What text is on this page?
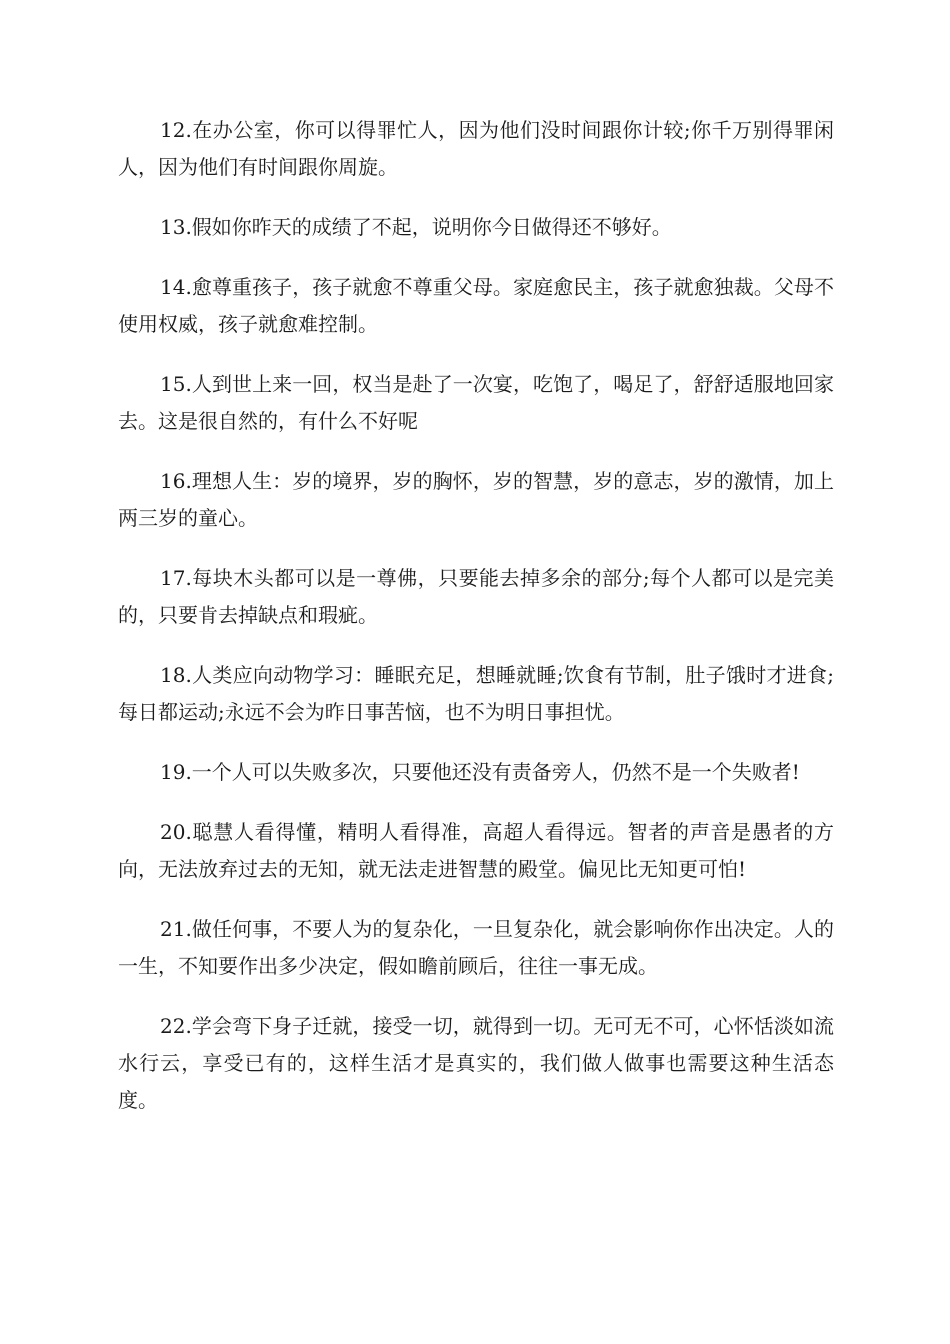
12.在办公室，你可以得罪忙人，因为他们没时间跟你计较;你千万别得罪闲人，因为他们有时间跟你周旋。

13.假如你昨天的成绩了不起，说明你今日做得还不够好。

14.愈尊重孩子，孩子就愈不尊重父母。家庭愈民主，孩子就愈独裁。父母不使用权威，孩子就愈难控制。

15.人到世上来一回，权当是赴了一次宴，吃饱了，喝足了，舒舒适服地回家去。这是很自然的，有什么不好呢

16.理想人生：岁的境界，岁的胸怀，岁的智慧，岁的意志，岁的激情，加上两三岁的童心。

17.每块木头都可以是一尊佛，只要能去掉多余的部分;每个人都可以是完美的，只要肯去掉缺点和瑕疵。

18.人类应向动物学习：睡眠充足，想睡就睡;饮食有节制，肚子饿时才进食;每日都运动;永远不会为昨日事苦恼，也不为明日事担忧。

19.一个人可以失败多次，只要他还没有责备旁人，仍然不是一个失败者!

20.聪慧人看得懂，精明人看得准，高超人看得远。智者的声音是愚者的方向，无法放弃过去的无知，就无法走进智慧的殿堂。偏见比无知更可怕!

21.做任何事，不要人为的复杂化，一旦复杂化，就会影响你作出决定。人的一生，不知要作出多少决定，假如瞻前顾后，往往一事无成。

22.学会弯下身子迁就，接受一切，就得到一切。无可无不可，心怀恬淡如流水行云，享受已有的，这样生活才是真实的，我们做人做事也需要这种生活态度。
